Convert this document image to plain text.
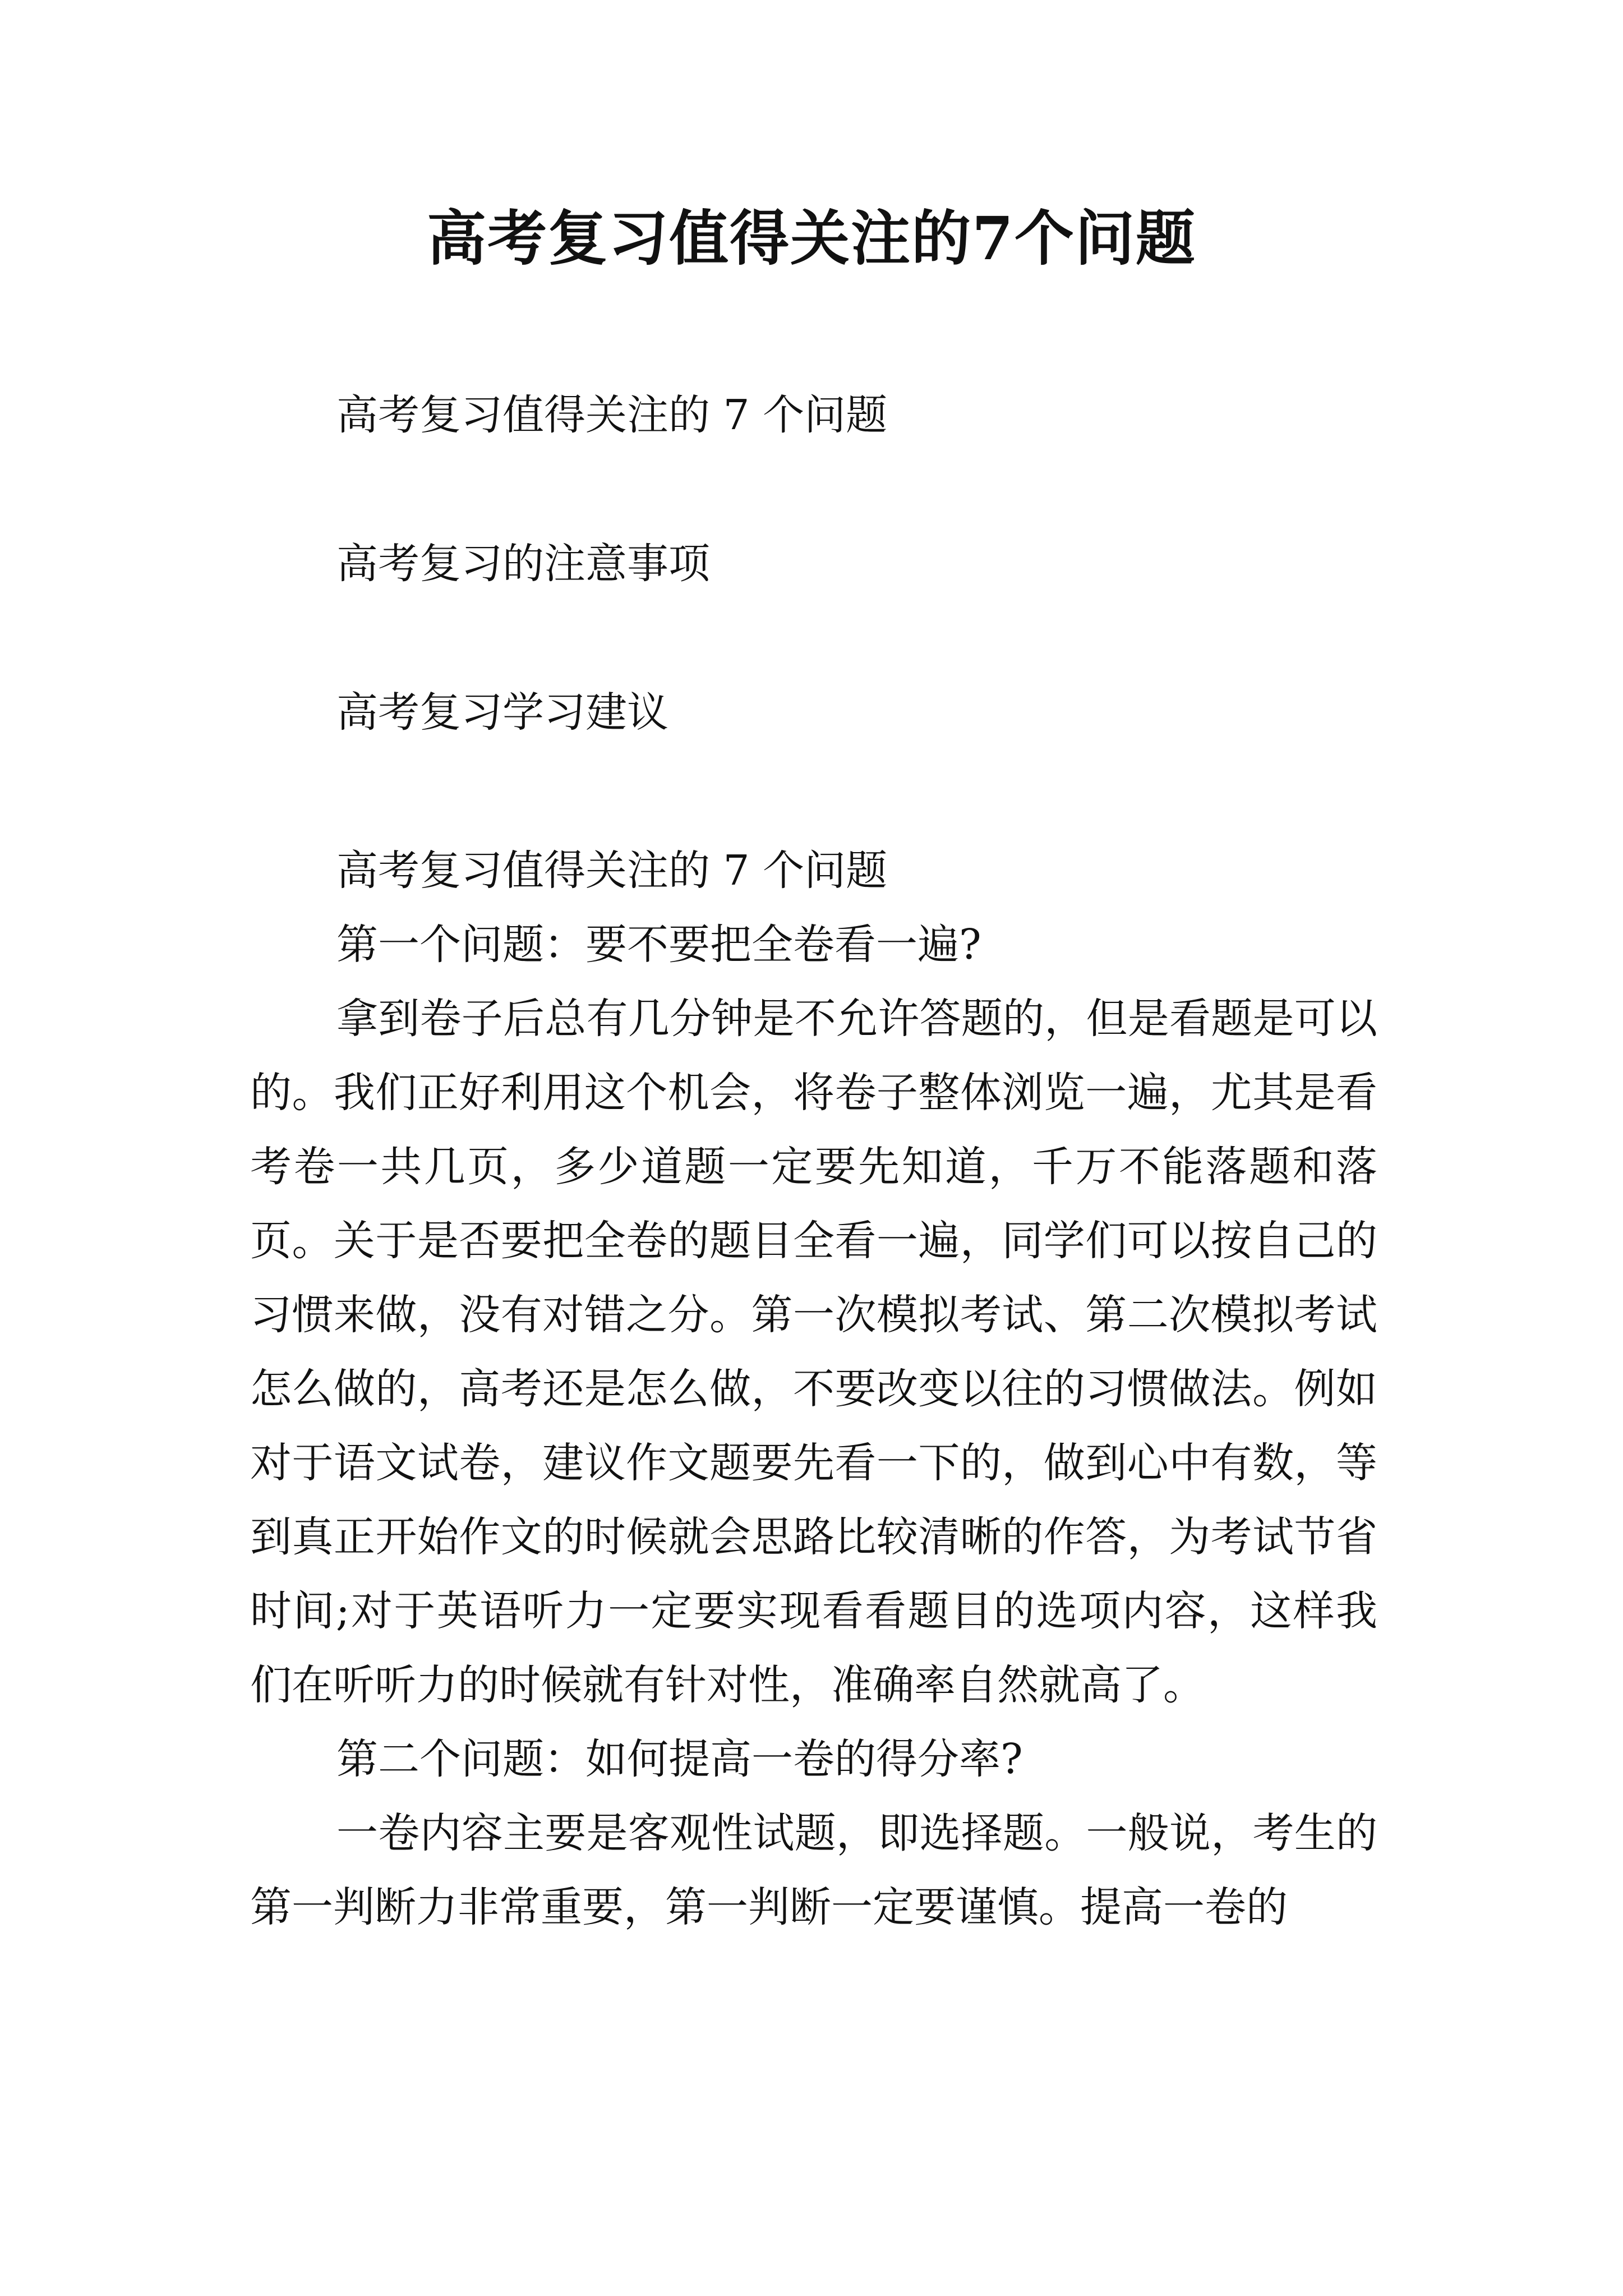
高考复习值得关注的7个问题
高考复习值得关注的 7 个问题
高考复习的注意事项
高考复习学习建议

高考复习值得关注的 7 个问题

第一个问题：要不要把全卷看一遍?

拿到卷子后总有几分钟是不允许答题的，但是看题是可以的。我们正好利用这个机会，将卷子整体浏览一遍，尤其是看考卷一共几页，多少道题一定要先知道，千万不能落题和落页。关于是否要把全卷的题目全看一遍，同学们可以按自己的习惯来做，没有对错之分。第一次模拟考试、第二次模拟考试怎么做的，高考还是怎么做，不要改变以往的习惯做法。例如对于语文试卷，建议作文题要先看一下的，做到心中有数，等到真正开始作文的时候就会思路比较清晰的作答，为考试节省时间;对于英语听力一定要实现看看题目的选项内容，这样我们在听听力的时候就有针对性，准确率自然就高了。

第二个问题：如何提高一卷的得分率?

一卷内容主要是客观性试题，即选择题。一般说，考生的第一判断力非常重要，第一判断一定要谨慎。提高一卷的
